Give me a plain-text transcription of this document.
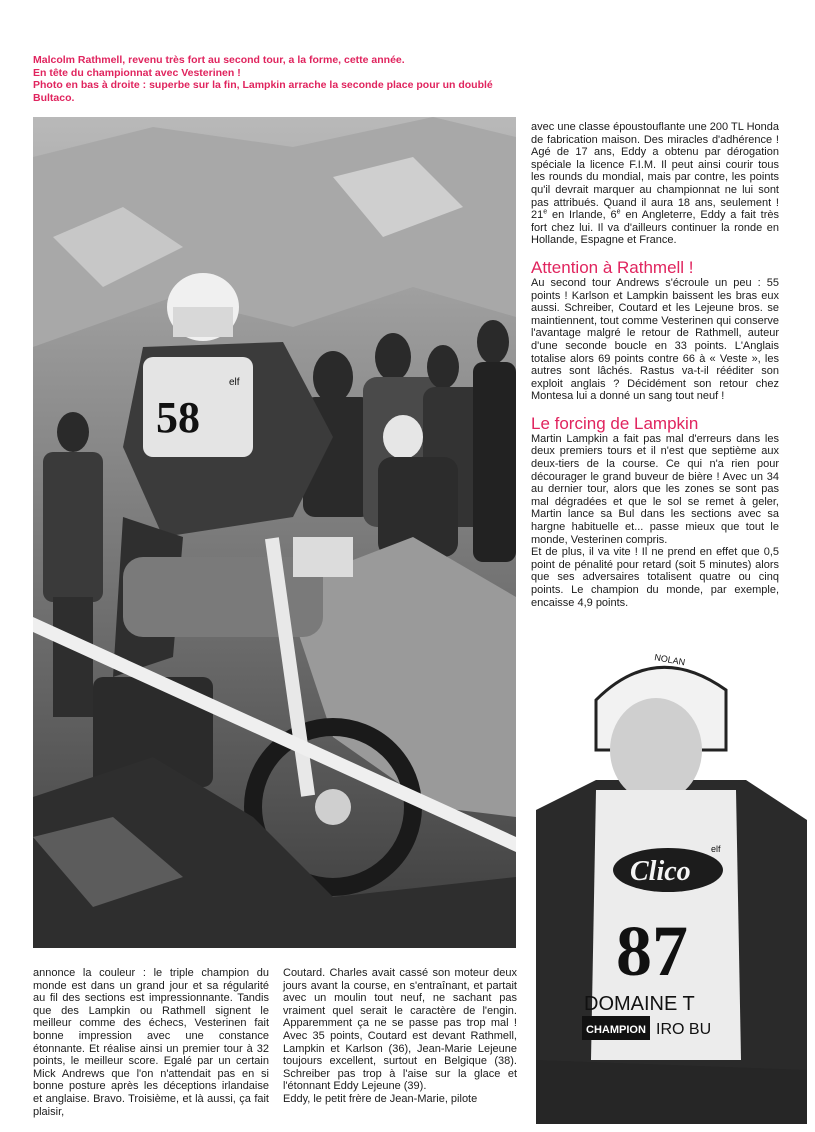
Malcolm Rathmell, revenu très fort au second tour, a la forme, cette année.
En tête du championnat avec Vesterinen !
Photo en bas à droite : superbe sur la fin, Lampkin arrache la seconde place pour un doublé Bultaco.
58
elf

avec une classe époustouflante une 200 TL Honda de fabrication maison. Des miracles d'adhérence ! Agé de 17 ans, Eddy a obtenu par dérogation spéciale la licence F.I.M. Il peut ainsi courir tous les rounds du mondial, mais par contre, les points qu'il devrait marquer au championnat ne lui sont pas attribués. Quand il aura 18 ans, seulement ! 21e en Irlande, 6e en Angleterre, Eddy a fait très fort chez lui. Il va d'ailleurs continuer la ronde en Hollande, Espagne et France.

Attention à Rathmell !

Au second tour Andrews s'écroule un peu : 55 points ! Karlson et Lampkin baissent les bras eux aussi. Schreiber, Coutard et les Lejeune bros. se maintiennent, tout comme Vesterinen qui conserve l'avantage malgré le retour de Rathmell, auteur d'une seconde boucle en 33 points. L'Anglais totalise alors 69 points contre 66 à « Veste », les autres sont lâchés. Rastus va-t-il rééditer son exploit anglais ? Décidément son retour chez Montesa lui a donné un sang tout neuf !

Le forcing de Lampkin

Martin Lampkin a fait pas mal d'erreurs dans les deux premiers tours et il n'est que septième aux deux-tiers de la course. Ce qui n'a rien pour décourager le grand buveur de bière ! Avec un 34 au dernier tour, alors que les zones se sont pas mal dégradées et que le sol se remet à geler, Martin lance sa Bul dans les sections avec sa hargne habituelle et... passe mieux que tout le monde, Vesterinen compris.

Et de plus, il va vite ! Il ne prend en effet que 0,5 point de pénalité pour retard (soit 5 minutes) alors que ses adversaires totalisent quatre ou cinq points. Le champion du monde, par exemple, encaisse 4,9 points.

NOLAN
Clico
elf
87
DOMAINE T
CHAMPION IRO BU

annonce la couleur : le triple champion du monde est dans un grand jour et sa régularité au fil des sections est impressionnante. Tandis que des Lampkin ou Rathmell signent le meilleur comme des échecs, Vesterinen fait bonne impression avec une constance étonnante. Et réalise ainsi un premier tour à 32 points, le meilleur score. Egalé par un certain Mick Andrews que l'on n'attendait pas en si bonne posture après les déceptions irlandaise et anglaise. Bravo. Troisième, et là aussi, ça fait plaisir,

Coutard. Charles avait cassé son moteur deux jours avant la course, en s'entraînant, et partait avec un moulin tout neuf, ne sachant pas vraiment quel serait le caractère de l'engin. Apparemment ça ne se passe pas trop mal ! Avec 35 points, Coutard est devant Rathmell, Lampkin et Karlson (36), Jean-Marie Lejeune toujours excellent, surtout en Belgique (38). Schreiber pas trop à l'aise sur la glace et l'étonnant Eddy Lejeune (39).

Eddy, le petit frère de Jean-Marie, pilote
